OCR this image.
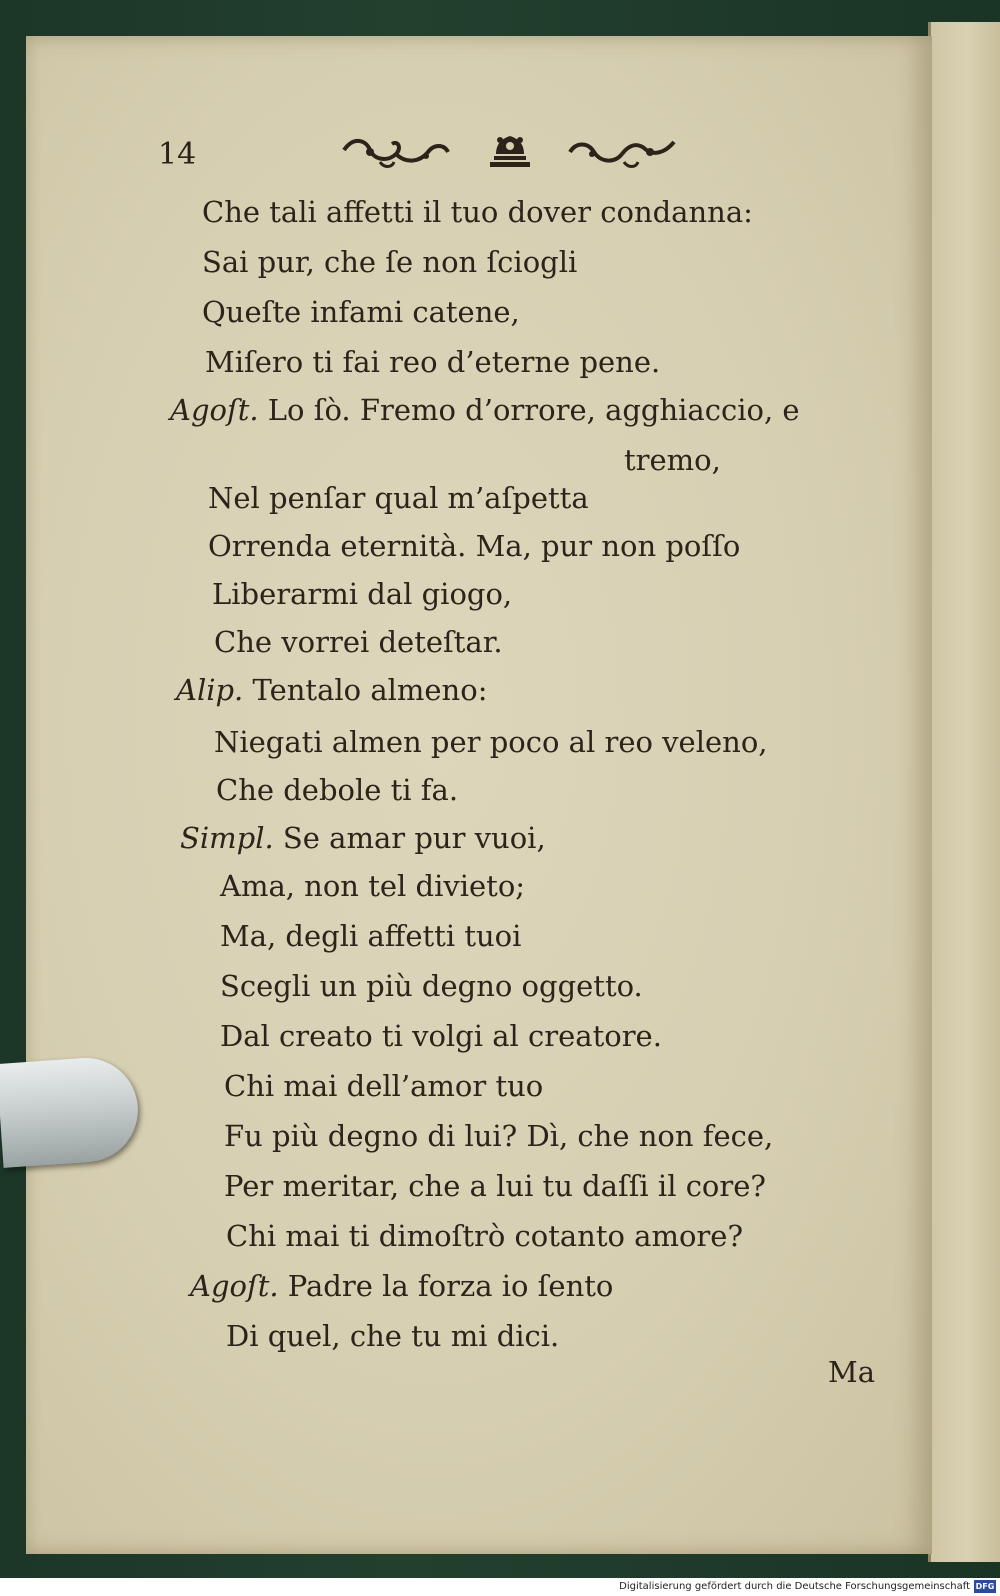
14

Che tali affetti il tuo dover condanna:

Sai pur, che ſe non ſciogli

Queſte infami catene,

Miſero ti fai reo d’eterne pene.

Agoſt. Lo ſò. Fremo d’orrore, agghiaccio, e

tremo,

Nel penſar qual m’aſpetta

Orrenda eternità. Ma, pur non poſſo

Liberarmi dal giogo,

Che vorrei deteſtar.

Alip. Tentalo almeno:

Niegati almen per poco al reo veleno,

Che debole ti fa.

Simpl. Se amar pur vuoi,

Ama, non tel divieto;

Ma, degli affetti tuoi

Scegli un più degno oggetto.

Dal creato ti volgi al creatore.

Chi mai dell’amor tuo

Fu più degno di lui? Dì, che non fece,

Per meritar, che a lui tu daſſi il core?

Chi mai ti dimoſtrò cotanto amore?

Agoſt. Padre la forza io ſento

Di quel, che tu mi dici.

Ma

Digitalisierung gefördert durch die Deutsche Forschungsgemeinschaft DFG
